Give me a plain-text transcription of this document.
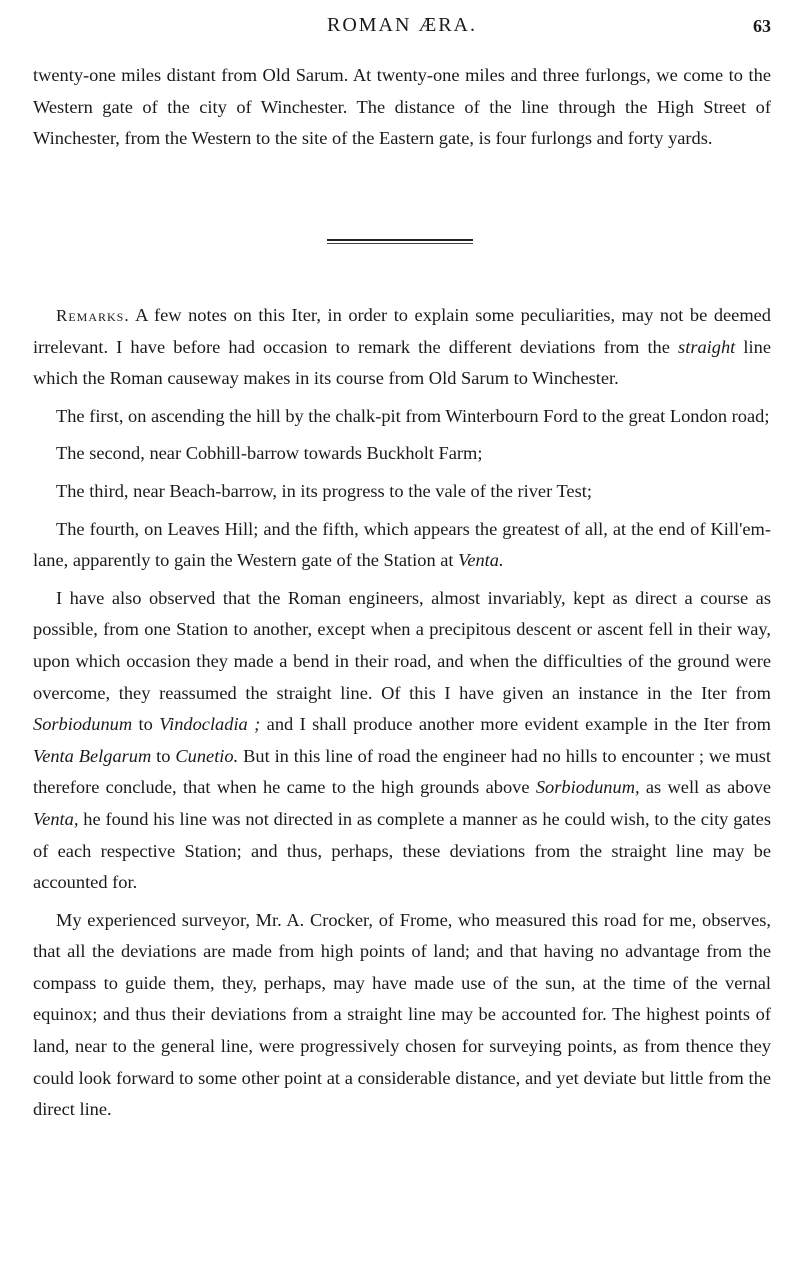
ROMAN ÆRA.	63

twenty-one miles distant from Old Sarum. At twenty-one miles and three furlongs, we come to the Western gate of the city of Winchester. The distance of the line through the High Street of Winchester, from the Western to the site of the Eastern gate, is four furlongs and forty yards.

Remarks. A few notes on this Iter, in order to explain some peculiarities, may not be deemed irrelevant. I have before had occasion to remark the different deviations from the straight line which the Roman causeway makes in its course from Old Sarum to Winchester.

The first, on ascending the hill by the chalk-pit from Winterbourn Ford to the great London road;

The second, near Cobhill-barrow towards Buckholt Farm;

The third, near Beach-barrow, in its progress to the vale of the river Test;

The fourth, on Leaves Hill; and the fifth, which appears the greatest of all, at the end of Kill'em-lane, apparently to gain the Western gate of the Station at Venta.

I have also observed that the Roman engineers, almost invariably, kept as direct a course as possible, from one Station to another, except when a precipitous descent or ascent fell in their way, upon which occasion they made a bend in their road, and when the difficulties of the ground were overcome, they reassumed the straight line. Of this I have given an instance in the Iter from Sorbiodunum to Vindocladia ; and I shall produce another more evident example in the Iter from Venta Belgarum to Cunetio. But in this line of road the engineer had no hills to encounter ; we must therefore conclude, that when he came to the high grounds above Sorbiodunum, as well as above Venta, he found his line was not directed in as complete a manner as he could wish, to the city gates of each respective Station; and thus, perhaps, these deviations from the straight line may be accounted for.

My experienced surveyor, Mr. A. Crocker, of Frome, who measured this road for me, observes, that all the deviations are made from high points of land; and that having no advantage from the compass to guide them, they, perhaps, may have made use of the sun, at the time of the vernal equinox; and thus their deviations from a straight line may be accounted for. The highest points of land, near to the general line, were progressively chosen for surveying points, as from thence they could look forward to some other point at a considerable distance, and yet deviate but little from the direct line.
